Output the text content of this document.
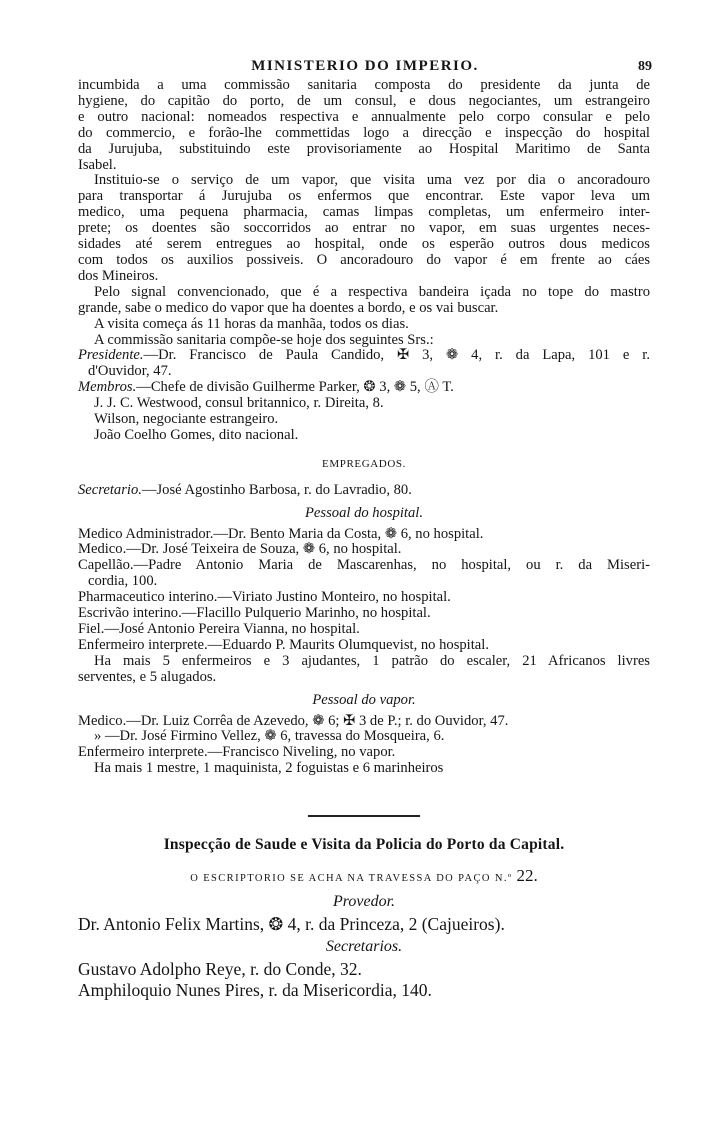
MINISTERIO DO IMPERIO.	89
incumbida a uma commissão sanitaria composta do presidente da junta de
hygiene, do capitão do porto, de um consul, e dous negociantes, um estrangeiro
e outro nacional: nomeados respectiva e annualmente pelo corpo consular e pelo
do commercio, e forão-lhe commettidas logo a direcção e inspecção do hospital
da Jurujuba, substituindo este provisoriamente ao Hospital Maritimo de Santa
Isabel.
Instituio-se o serviço de um vapor, que visita uma vez por dia o ancoradouro
para transportar á Jurujuba os enfermos que encontrar. Este vapor leva um
medico, uma pequena pharmacia, camas limpas completas, um enfermeiro inter-
prete; os doentes são soccorridos ao entrar no vapor, em suas urgentes neces-
sidades até serem entregues ao hospital, onde os esperão outros dous medicos
com todos os auxilios possiveis. O ancoradouro do vapor é em frente ao cáes
dos Mineiros.
Pelo signal convencionado, que é a respectiva bandeira içada no tope do mastro
grande, sabe o medico do vapor que ha doentes a bordo, e os vai buscar.
A visita começa ás 11 horas da manhãa, todos os dias.
A commissão sanitaria compõe-se hoje dos seguintes Srs.:
Presidente.—Dr. Francisco de Paula Candido, ✠ 3, ❁ 4, r. da Lapa, 101 e r.
d'Ouvidor, 47.
Membros.—Chefe de divisão Guilherme Parker, ❂ 3, ❁ 5, Ⓐ T.
J. J. C. Westwood, consul britannico, r. Direita, 8.
Wilson, negociante estrangeiro.
João Coelho Gomes, dito nacional.
EMPREGADOS.
Secretario.—José Agostinho Barbosa, r. do Lavradio, 80.
Pessoal do hospital.
Medico Administrador.—Dr. Bento Maria da Costa, ❁ 6, no hospital.
Medico.—Dr. José Teixeira de Souza, ❁ 6, no hospital.
Capellão.—Padre Antonio Maria de Mascarenhas, no hospital, ou r. da Miseri-
cordia, 100.
Pharmaceutico interino.—Viriato Justino Monteiro, no hospital.
Escrivão interino.—Flacillo Pulquerio Marinho, no hospital.
Fiel.—José Antonio Pereira Vianna, no hospital.
Enfermeiro interprete.—Eduardo P. Maurits Olumquevist, no hospital.
Ha mais 5 enfermeiros e 3 ajudantes, 1 patrão do escaler, 21 Africanos livres
serventes, e 5 alugados.
Pessoal do vapor.
Medico.—Dr. Luiz Corrêa de Azevedo, ❁ 6; ✠ 3 de P.; r. do Ouvidor, 47.
» —Dr. José Firmino Vellez, ❁ 6, travessa do Mosqueira, 6.
Enfermeiro interprete.—Francisco Niveling, no vapor.
Ha mais 1 mestre, 1 maquinista, 2 foguistas e 6 marinheiros
Inspecção de Saude e Visita da Policia do Porto da Capital.
O ESCRIPTORIO SE ACHA NA TRAVESSA DO PAÇO N.º 22.
Provedor.
Dr. Antonio Felix Martins, ❂ 4, r. da Princeza, 2 (Cajueiros).
Secretarios.
Gustavo Adolpho Reye, r. do Conde, 32.
Amphiloquio Nunes Pires, r. da Misericordia, 140.
